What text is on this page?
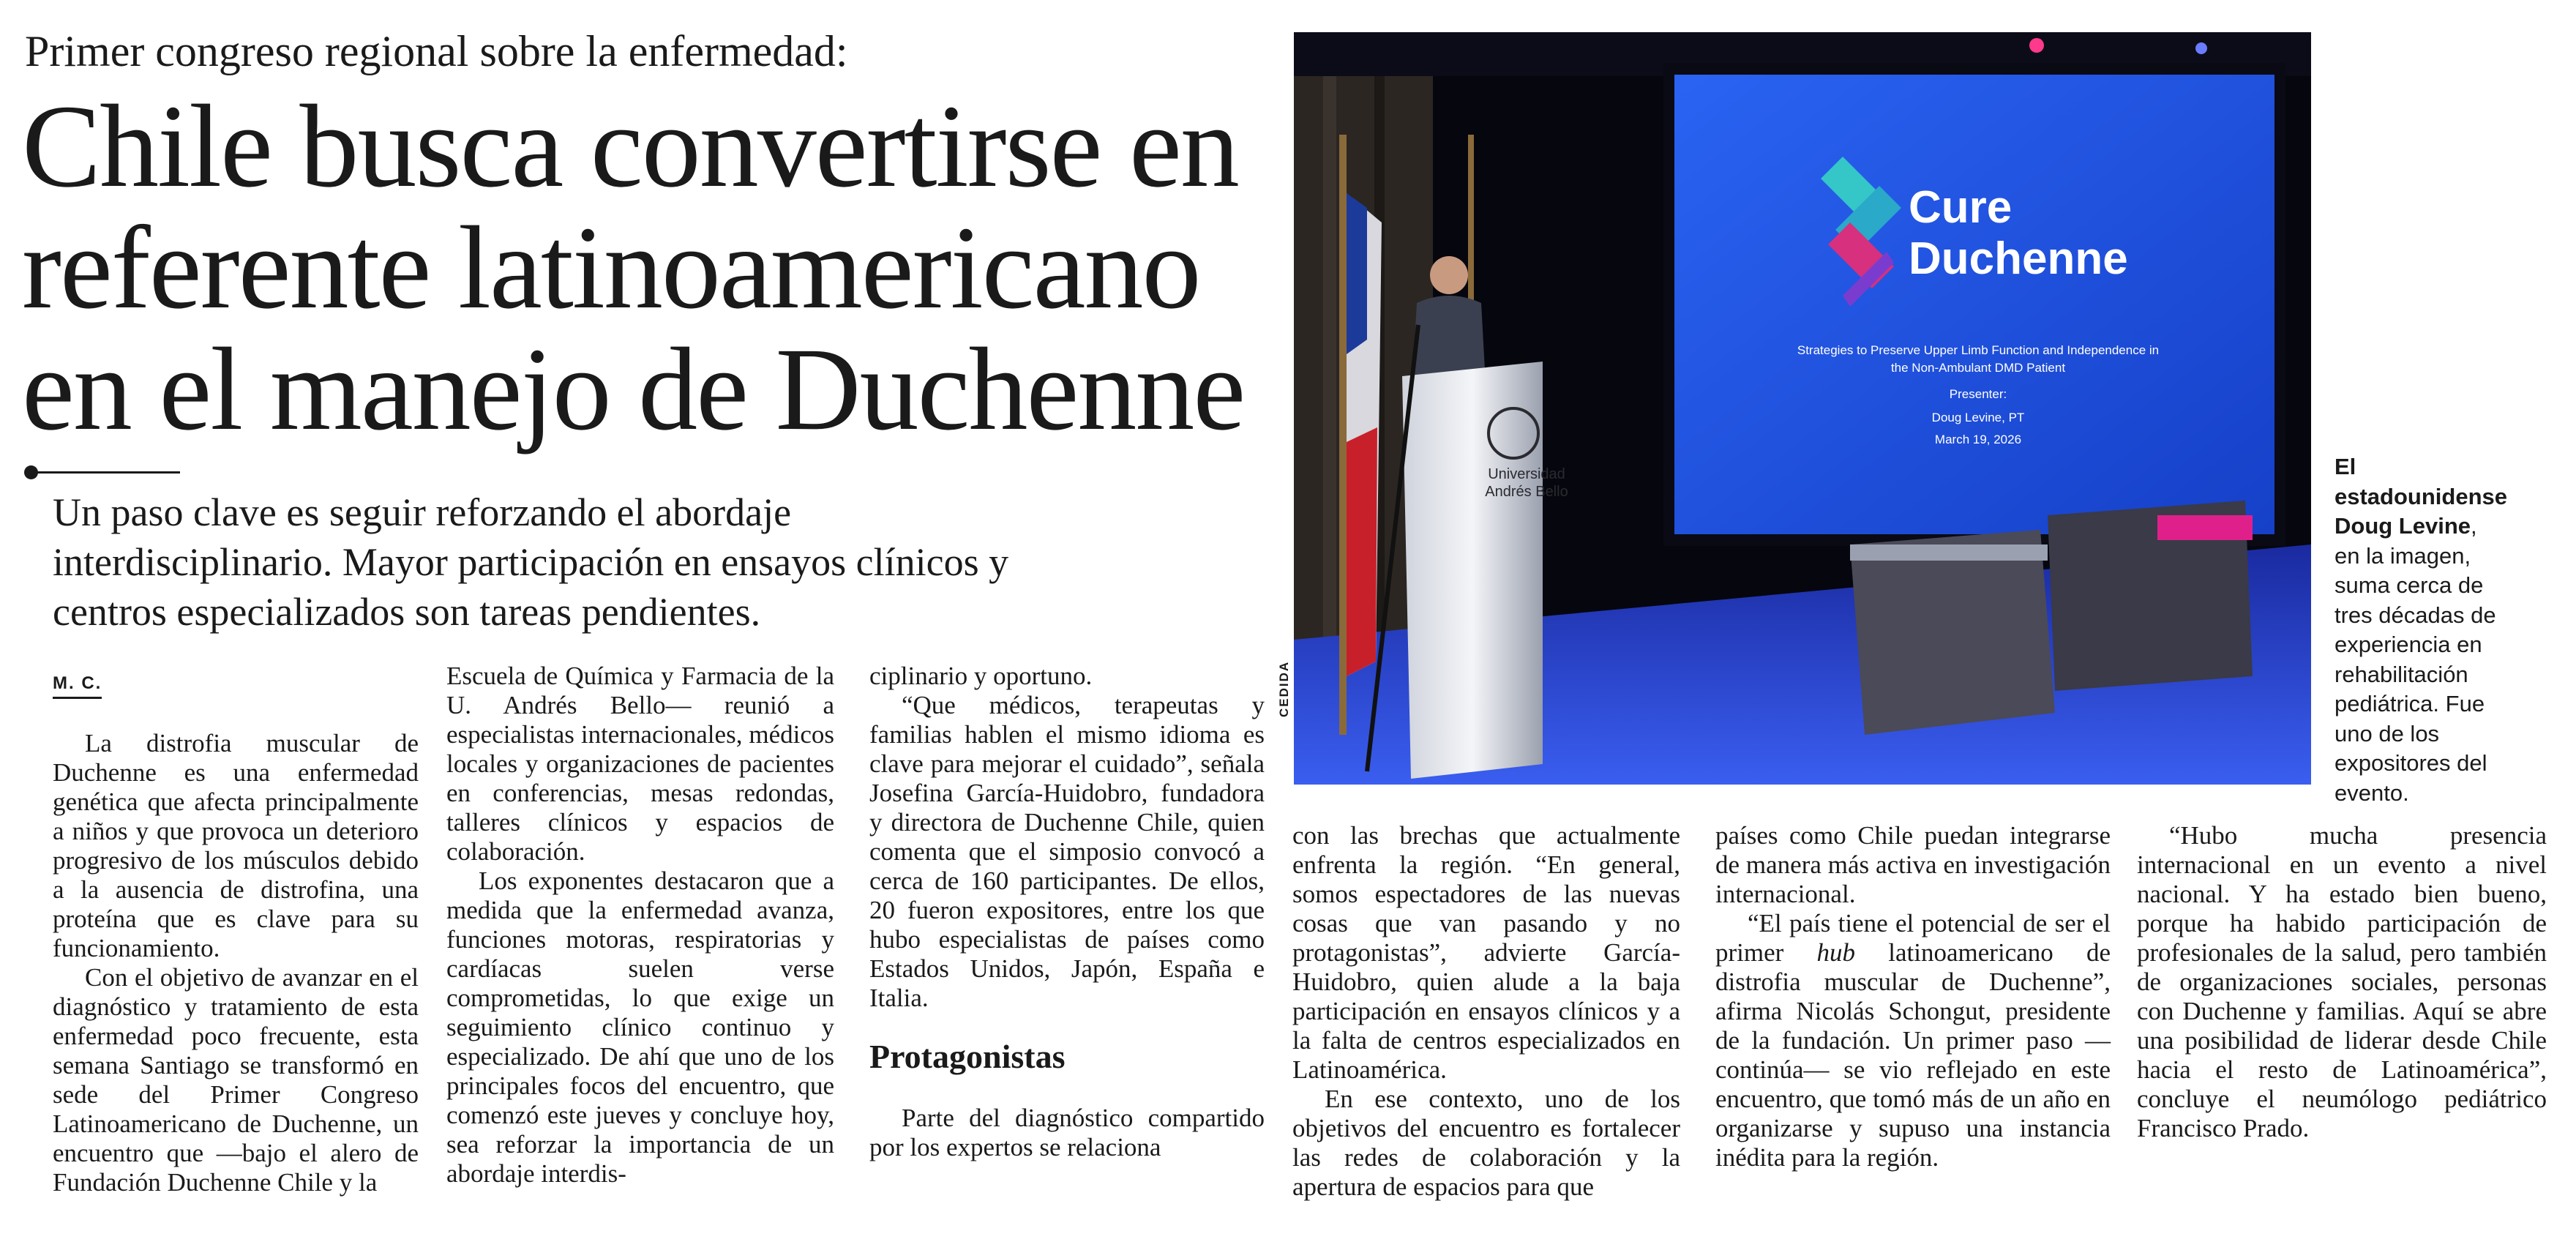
Primer congreso regional sobre la enfermedad:
Chile busca convertirse en
referente latinoamericano
en el manejo de Duchenne
Un paso clave es seguir reforzando el abordaje
interdisciplinario. Mayor participación en ensayos clínicos y
centros especializados son tareas pendientes.
M. C.

La distrofia muscular de Duchenne es una enfermedad genética que afecta principalmente a niños y que provoca un deterioro progresivo de los músculos debido a la ausencia de distrofina, una proteína que es clave para su funcionamiento.

Con el objetivo de avanzar en el diagnóstico y tratamiento de esta enfermedad poco frecuente, esta semana Santiago se transformó en sede del Primer Congreso Latinoamericano de Duchenne, un encuentro que —bajo el alero de Fundación Duchenne Chile y la

Escuela de Química y Farmacia de la U. Andrés Bello— reunió a especialistas internacionales, médicos locales y organizaciones de pacientes en conferencias, mesas redondas, talleres clínicos y espacios de colaboración.

Los exponentes destacaron que a medida que la enfermedad avanza, funciones motoras, respiratorias y cardíacas suelen verse comprometidas, lo que exige un seguimiento clínico continuo y especializado. De ahí que uno de los principales focos del encuentro, que comenzó este jueves y concluye hoy, sea reforzar la importancia de un abordaje interdis-

ciplinario y oportuno.

“Que médicos, terapeutas y familias hablen el mismo idioma es clave para mejorar el cuidado”, señala Josefina García-Huidobro, fundadora y directora de Duchenne Chile, quien comenta que el simposio convocó a cerca de 160 participantes. De ellos, 20 fueron expositores, entre los que hubo especialistas de países como Estados Unidos, Japón, España e Italia.

Protagonistas

Parte del diagnóstico compartido por los expertos se relaciona

con las brechas que actualmente enfrenta la región. “En general, somos espectadores de las nuevas cosas que van pasando y no protagonistas”, advierte García-Huidobro, quien alude a la baja participación en ensayos clínicos y a la falta de centros especializados en Latinoamérica.

En ese contexto, uno de los objetivos del encuentro es fortalecer las redes de colaboración y la apertura de espacios para que

países como Chile puedan integrarse de manera más activa en investigación internacional.

“El país tiene el potencial de ser el primer hub latinoamericano de distrofia muscular de Duchenne”, afirma Nicolás Schongut, presidente de la fundación. Un primer paso —continúa— se vio reflejado en este encuentro, que tomó más de un año en organizarse y supuso una instancia inédita para la región.

“Hubo mucha presencia internacional en un evento a nivel nacional. Y ha estado bien bueno, porque ha habido participación de profesionales de la salud, pero también de organizaciones sociales, personas con Duchenne y familias. Aquí se abre una posibilidad de liderar desde Chile hacia el resto de Latinoamérica”, concluye el neumólogo pediátrico Francisco Prado.

Cure
Duchenne
Strategies to Preserve Upper Limb Function and Independence in
the Non-Ambulant DMD Patient
Presenter:
Doug Levine, PT
March 19, 2026
Universidad
Andrés Bello
CEDIDA
El estadounidense Doug Levine, en la imagen, suma cerca de tres décadas de experiencia en rehabilitación pediátrica. Fue uno de los expositores del evento.
